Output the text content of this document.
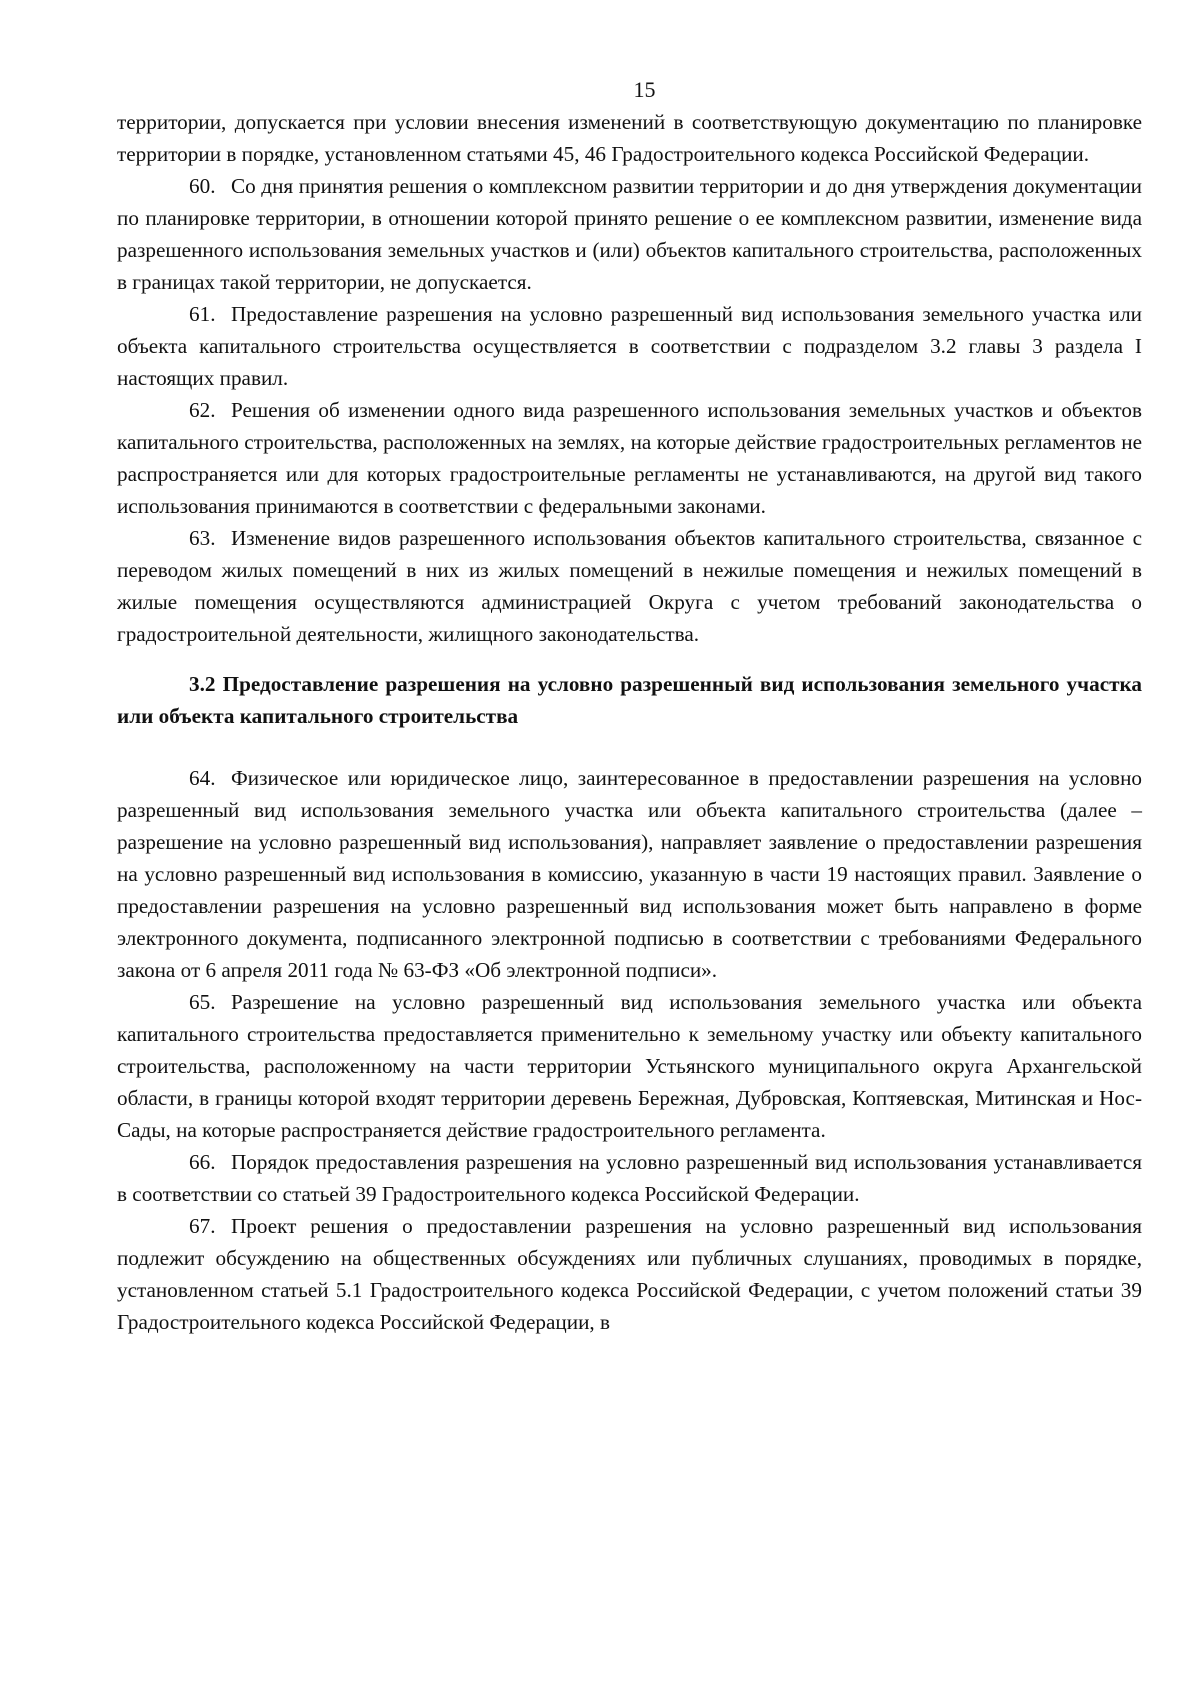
15

территории, допускается при условии внесения изменений в соответствующую документацию по планировке территории в порядке, установленном статьями 45, 46 Градостроительного кодекса Российской Федерации.

60. Со дня принятия решения о комплексном развитии территории и до дня утверждения документации по планировке территории, в отношении которой принято решение о ее комплексном развитии, изменение вида разрешенного использования земельных участков и (или) объектов капитального строительства, расположенных в границах такой территории, не допускается.

61. Предоставление разрешения на условно разрешенный вид использования земельного участка или объекта капитального строительства осуществляется в соответствии с подразделом 3.2 главы 3 раздела I настоящих правил.

62. Решения об изменении одного вида разрешенного использования земельных участков и объектов капитального строительства, расположенных на землях, на которые действие градостроительных регламентов не распространяется или для которых градостроительные регламенты не устанавливаются, на другой вид такого использования принимаются в соответствии с федеральными законами.

63. Изменение видов разрешенного использования объектов капитального строительства, связанное с переводом жилых помещений в них из жилых помещений в нежилые помещения и нежилых помещений в жилые помещения осуществляются администрацией Округа с учетом требований законодательства о градостроительной деятельности, жилищного законодательства.

3.2 Предоставление разрешения на условно разрешенный вид использования земельного участка или объекта капитального строительства

64. Физическое или юридическое лицо, заинтересованное в предоставлении разрешения на условно разрешенный вид использования земельного участка или объекта капитального строительства (далее – разрешение на условно разрешенный вид использования), направляет заявление о предоставлении разрешения на условно разрешенный вид использования в комиссию, указанную в части 19 настоящих правил. Заявление о предоставлении разрешения на условно разрешенный вид использования может быть направлено в форме электронного документа, подписанного электронной подписью в соответствии с требованиями Федерального закона от 6 апреля 2011 года № 63-ФЗ «Об электронной подписи».

65. Разрешение на условно разрешенный вид использования земельного участка или объекта капитального строительства предоставляется применительно к земельному участку или объекту капитального строительства, расположенному на части территории Устьянского муниципального округа Архангельской области, в границы которой входят территории деревень Бережная, Дубровская, Коптяевская, Митинская и Нос-Сады, на которые распространяется действие градостроительного регламента.

66. Порядок предоставления разрешения на условно разрешенный вид использования устанавливается в соответствии со статьей 39 Градостроительного кодекса Российской Федерации.

67. Проект решения о предоставлении разрешения на условно разрешенный вид использования подлежит обсуждению на общественных обсуждениях или публичных слушаниях, проводимых в порядке, установленном статьей 5.1 Градостроительного кодекса Российской Федерации, с учетом положений статьи 39 Градостроительного кодекса Российской Федерации, в
